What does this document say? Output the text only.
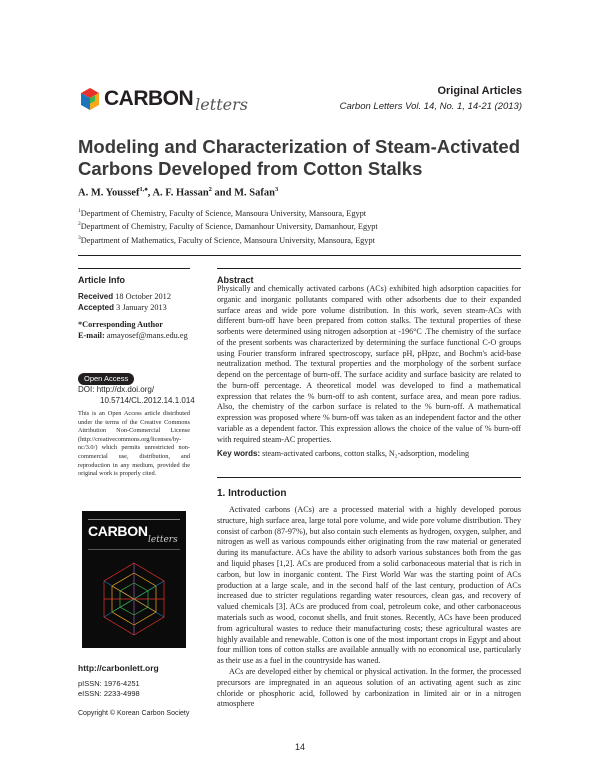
CARBON letters
Original Articles
Carbon Letters Vol. 14, No. 1, 14-21 (2013)
Modeling and Characterization of Steam-Activated Carbons Developed from Cotton Stalks
A. M. Youssef$^{1,♠}$, A. F. Hassan$^2$ and M. Safan$^3$
$^1$Department of Chemistry, Faculty of Science, Mansoura University, Mansoura, Egypt
$^2$Department of Chemistry, Faculty of Science, Damanhour University, Damanhour, Egypt
$^3$Department of Mathematics, Faculty of Science, Mansoura University, Mansoura, Egypt
Article Info
Received 18 October 2012
Accepted 3 January 2013
*Corresponding Author
E-mail: amayosef@mans.edu.eg
Open Access
DOI: http://dx.doi.org/
10.5714/CL.2012.14.1.014
This is an Open Access article distributed under the terms of the Creative Commons Attribution Non-Commercial License (http://creativecommons.org/licenses/by-nc/3.0/) which permits unrestricted non-commercial use, distribution, and reproduction in any medium, provided the original work is properly cited.
CARBON
letters
http://carbonlett.org
pISSN: 1976-4251
eISSN: 2233-4998
Copyright © Korean Carbon Society
Abstract
Physically and chemically activated carbons (ACs) exhibited high adsorption capacities for organic and inorganic pollutants compared with other adsorbents due to their expanded surface areas and wide pore volume distribution. In this work, seven steam-ACs with different burn-off have been prepared from cotton stalks. The textural properties of these sorbents were determined using nitrogen adsorption at -196°C .The chemistry of the surface of the present sorbents was characterized by determining the surface functional C-O groups using Fourier transform infrared spectroscopy, surface pH, pHpzc, and Bochm's acid-base neutralization method. The textural properties and the morphology of the sorbent surface depend on the percentage of burn-off. The surface acidity and surface basicity are related to the burn-off percentage. A theoretical model was developed to find a mathematical expression that relates the % burn-off to ash content, surface area, and mean pore radius. Also, the chemistry of the carbon surface is related to the % burn-off. A mathematical expression was proposed where % burn-off was taken as an independent factor and the other variable as a dependent factor. This expression allows the choice of the value of % burn-off with required steam-AC properties.
Key words: steam-activated carbons, cotton stalks, N₂-adsorption, modeling
1. Introduction

Activated carbons (ACs) are a processed material with a highly developed porous structure, high surface area, large total pore volume, and wide pore volume distribution. They consist of carbon (87-97%), but also contain such elements as hydrogen, oxygen, sulpher, and nitrogen as well as various compounds either originating from the raw material or generated during its manufacture. ACs have the ability to adsorb various substances both from the gas and liquid phases [1,2]. ACs are produced from a solid carbonaceous material that is rich in carbon, but low in inorganic content. The First World War was the starting point of ACs production at a large scale, and in the second half of the last century, production of ACs increased due to stricter regulations regarding water resources, clean gas, and recovery of valued chemicals [3]. ACs are produced from coal, petroleum coke, and other carbonaceous materials such as wood, coconut shells, and fruit stones. Recently, ACs have been produced from agricultural wastes to reduce their manufacturing costs; these agricultural wastes are highly available and renewable. Cotton is one of the most important crops in Egypt and about four million tons of cotton stalks are available annually with no economical use, particularly as their use as a fuel in the countryside has waned.

ACs are developed either by chemical or physical activation. In the former, the processed precursors are impregnated in an aqueous solution of an activating agent such as zinc chloride or phosphoric acid, followed by carbonization in limited air or in a nitrogen atmosphere

14
